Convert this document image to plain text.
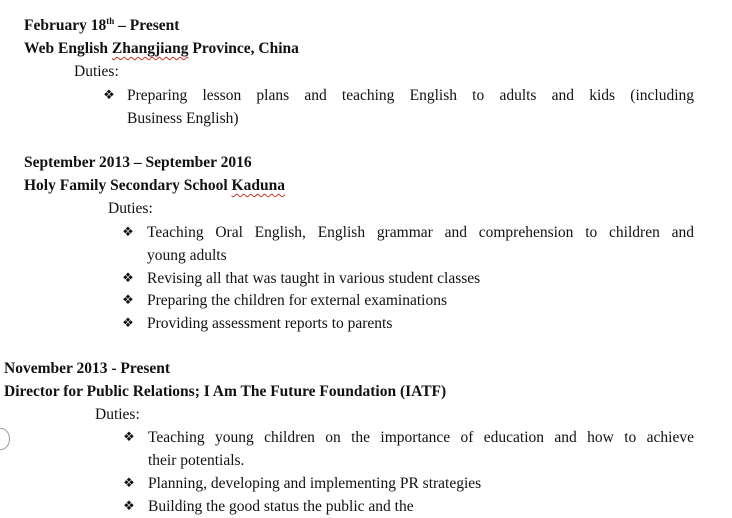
February 18th – Present
Web English Zhangjiang Province, China
Duties:
❖ Preparing lesson plans and teaching English to adults and kids (including
Business English)
September 2013 – September 2016
Holy Family Secondary School Kaduna
Duties:
❖ Teaching Oral English, English grammar and comprehension to children and
young adults
❖ Revising all that was taught in various student classes
❖ Preparing the children for external examinations
❖ Providing assessment reports to parents
November 2013 - Present
Director for Public Relations; I Am The Future Foundation (IATF)
Duties:
❖ Teaching young children on the importance of education and how to achieve
their potentials.
❖ Planning, developing and implementing PR strategies
❖ Building the good status the public and the
